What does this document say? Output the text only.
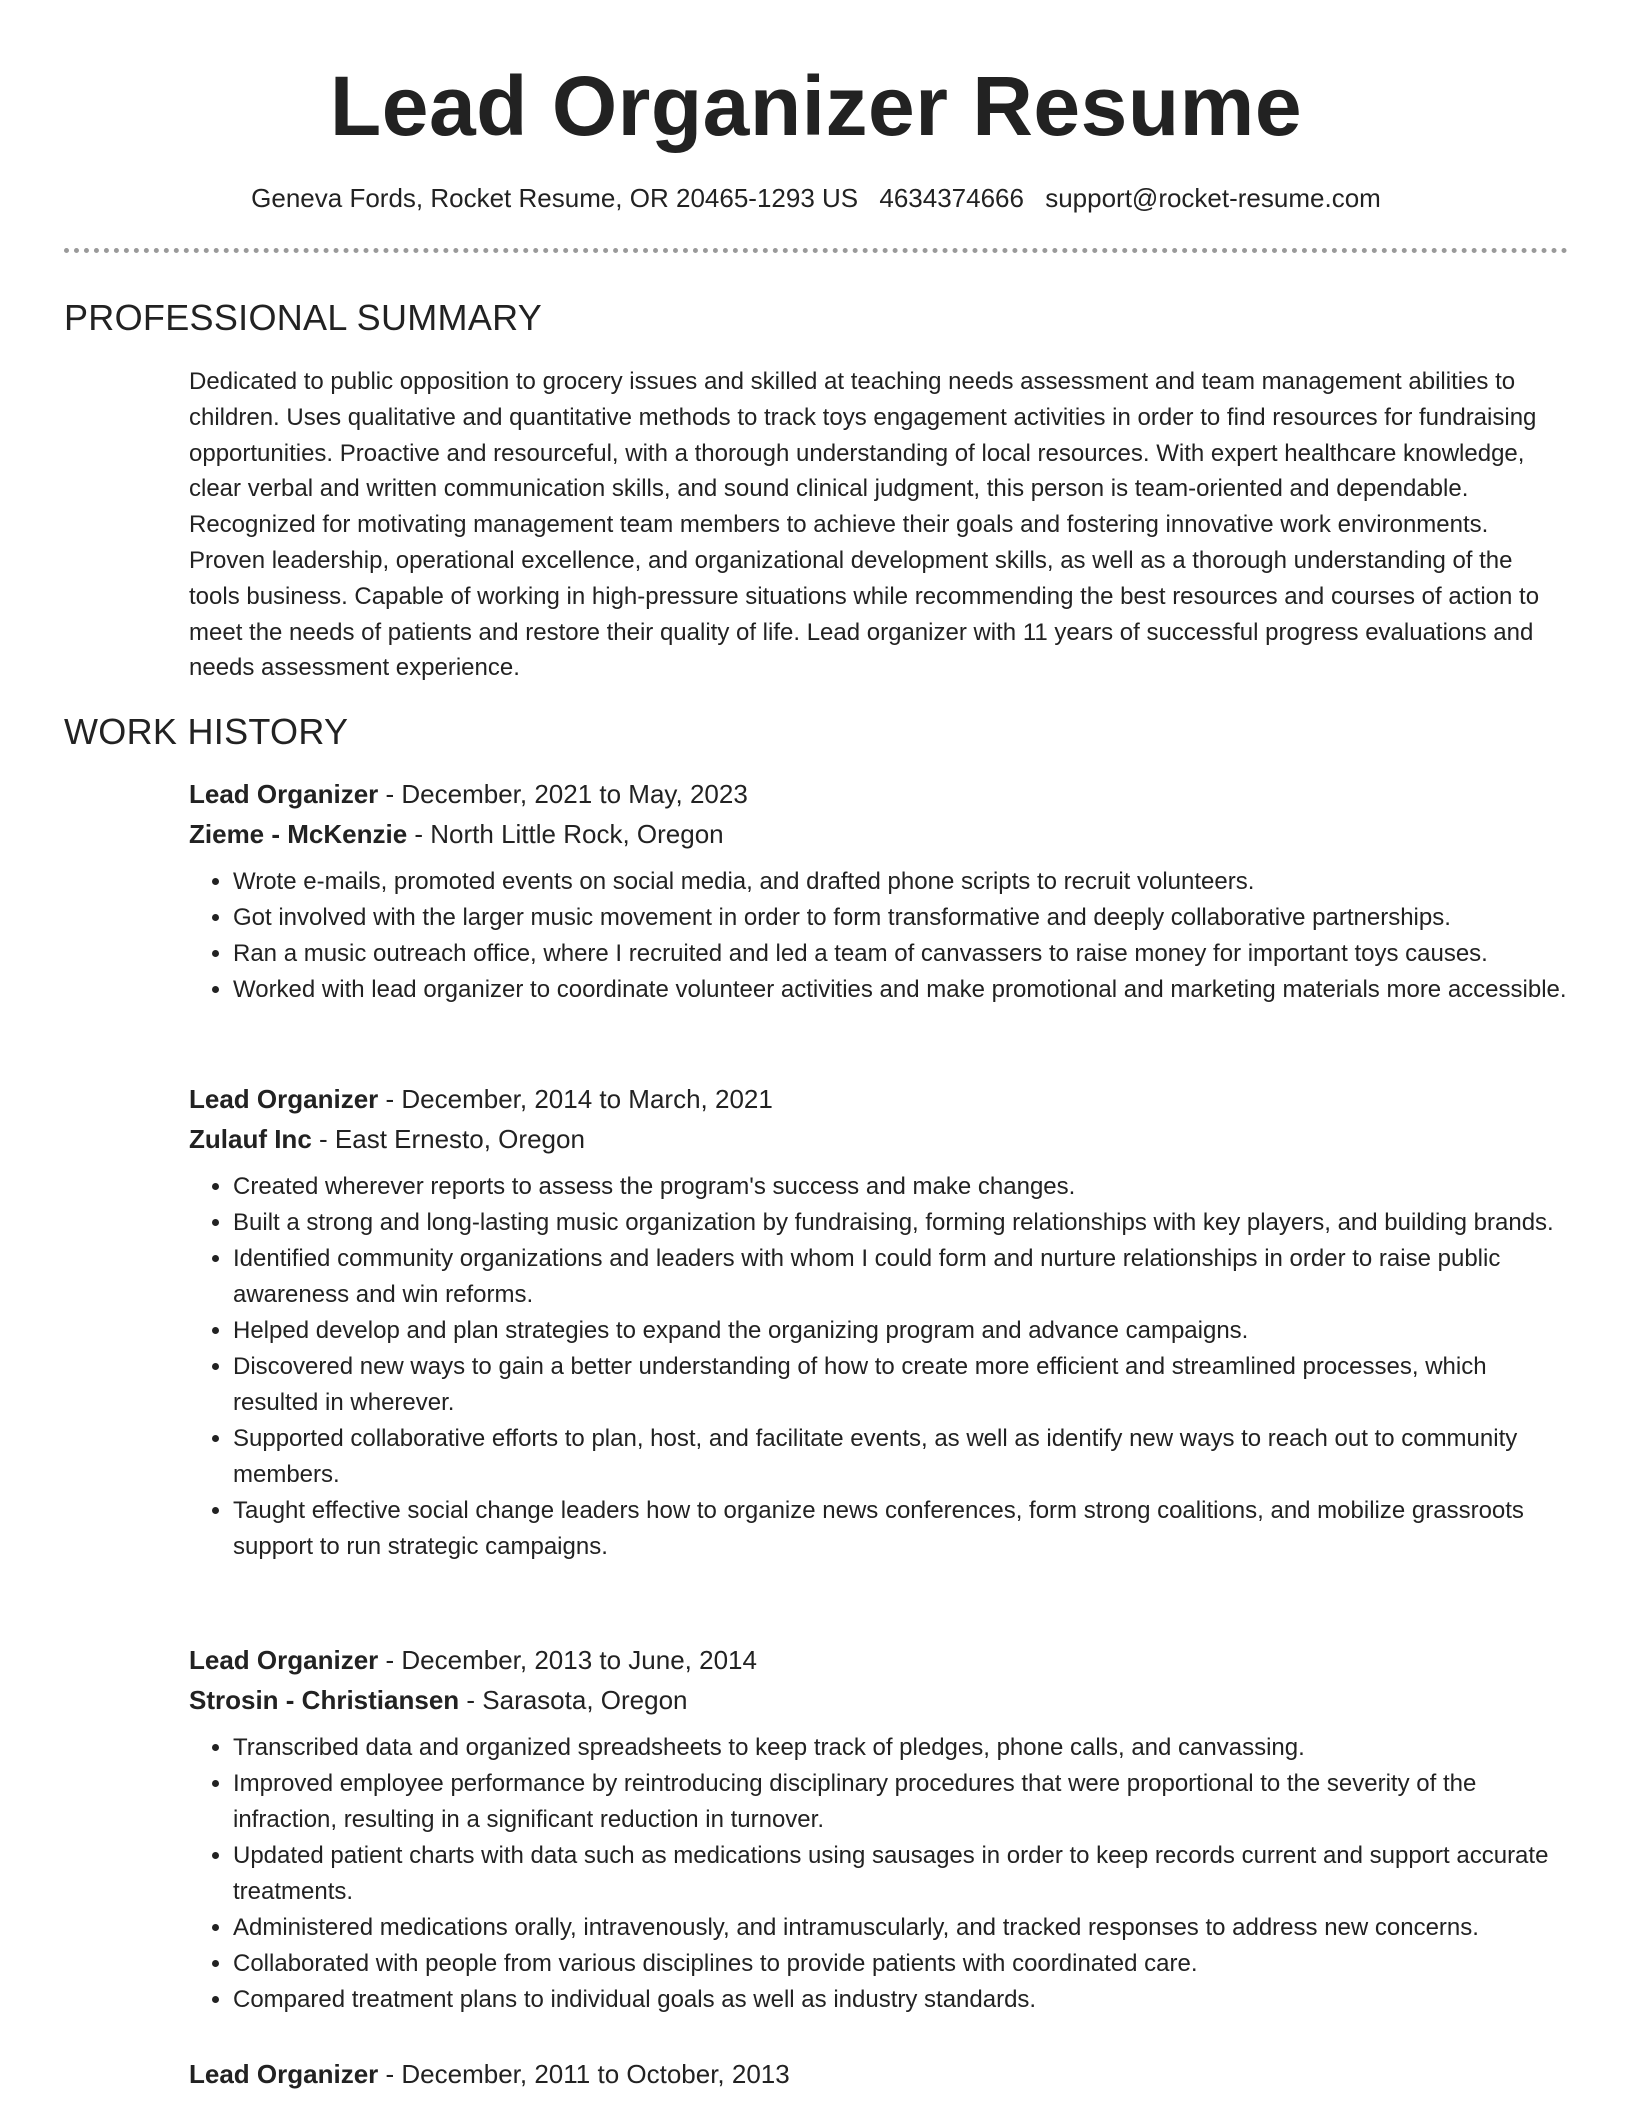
Lead Organizer Resume
Geneva Fords, Rocket Resume, OR 20465-1293 US 4634374666 support@rocket-resume.com
PROFESSIONAL SUMMARY
Dedicated to public opposition to grocery issues and skilled at teaching needs assessment and team management abilities to children. Uses qualitative and quantitative methods to track toys engagement activities in order to find resources for fundraising opportunities. Proactive and resourceful, with a thorough understanding of local resources. With expert healthcare knowledge, clear verbal and written communication skills, and sound clinical judgment, this person is team-oriented and dependable. Recognized for motivating management team members to achieve their goals and fostering innovative work environments. Proven leadership, operational excellence, and organizational development skills, as well as a thorough understanding of the tools business. Capable of working in high-pressure situations while recommending the best resources and courses of action to meet the needs of patients and restore their quality of life. Lead organizer with 11 years of successful progress evaluations and needs assessment experience.
WORK HISTORY
Lead Organizer - December, 2021 to May, 2023
Zieme - McKenzie - North Little Rock, Oregon
• Wrote e-mails, promoted events on social media, and drafted phone scripts to recruit volunteers.
• Got involved with the larger music movement in order to form transformative and deeply collaborative partnerships.
• Ran a music outreach office, where I recruited and led a team of canvassers to raise money for important toys causes.
• Worked with lead organizer to coordinate volunteer activities and make promotional and marketing materials more accessible.
Lead Organizer - December, 2014 to March, 2021
Zulauf Inc - East Ernesto, Oregon
• Created wherever reports to assess the program's success and make changes.
• Built a strong and long-lasting music organization by fundraising, forming relationships with key players, and building brands.
• Identified community organizations and leaders with whom I could form and nurture relationships in order to raise public awareness and win reforms.
• Helped develop and plan strategies to expand the organizing program and advance campaigns.
• Discovered new ways to gain a better understanding of how to create more efficient and streamlined processes, which resulted in wherever.
• Supported collaborative efforts to plan, host, and facilitate events, as well as identify new ways to reach out to community members.
• Taught effective social change leaders how to organize news conferences, form strong coalitions, and mobilize grassroots support to run strategic campaigns.
Lead Organizer - December, 2013 to June, 2014
Strosin - Christiansen - Sarasota, Oregon
• Transcribed data and organized spreadsheets to keep track of pledges, phone calls, and canvassing.
• Improved employee performance by reintroducing disciplinary procedures that were proportional to the severity of the infraction, resulting in a significant reduction in turnover.
• Updated patient charts with data such as medications using sausages in order to keep records current and support accurate treatments.
• Administered medications orally, intravenously, and intramuscularly, and tracked responses to address new concerns.
• Collaborated with people from various disciplines to provide patients with coordinated care.
• Compared treatment plans to individual goals as well as industry standards.
Lead Organizer - December, 2011 to October, 2013
